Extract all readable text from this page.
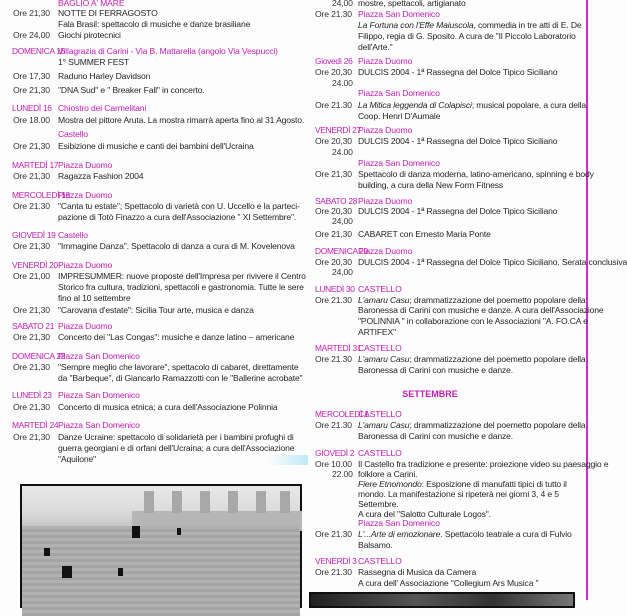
BAGLIO A' MARE
Ore 21,30 NOTTE DI FERRAGOSTO
Fala Brasil: spettacolo di musiche e danze brasiliane
Ore 24,00 Giochi pirotecnici
DOMENICA 15
Villagrazia di Carini - Via B. Mattarella (angolo Via Vespucci)
1° SUMMER FEST
Ore 17,30 Raduno Harley Davidson
Ore 21,30 "DNA Sud" e " Breaker Fall" in concerto.
LUNEDÌ 16 Chiostro dei Carmelitani
Ore 18.00 Mostra del pittore Aruta. La mostra rimarrà aperta fino al 31 Agosto.
Castello
Ore 21,30 Esibizione di musiche e canti dei bambini dell'Ucraina
MARTEDÌ 17 Piazza Duomo
Ore 21,30 Ragazza Fashion 2004
MERCOLEDÌ 18
Piazza Duomo
Ore 21.30 "Canta tu estate"; Spettacolo di varietà con U. Uccello e la parteci-
pazione di Totò Finazzo a cura dell'Associazione " XI Settembre".
GIOVEDÌ 19 Castello
Ore 21,30 "Immagine Danza". Spettacolo di danza a cura di M. Kovelenova
VENERDÌ 20 Piazza Duomo
Ore 21,00 IMPRESUMMER: nuove proposte dell'Impresa per rivivere il Centro
Storico fra cultura, tradizioni, spettacoli e gastronomia. Tutte le sere
fino al 10 settembre
Ore 21,30 "Carovana d'estate": Sicilia Tour arte, musica e danza
SABATO 21 Piazza Duomo
Ore 21,30 Concerto dei "Las Congas": musiche e danze latino – americane
DOMENICA 22
Piazza San Domenico
Ore 21,30 "Sempre meglio che lavorare", spettacolo di cabaret, direttamente
da "Barbeque", di Giancarlo Ramazzotti con le "Ballerine acrobate"
LUNEDÌ 23 Piazza San Domenico
Ore 21,30 Concerto di musica etnica; a cura dell'Associazione Polinnia
MARTEDÌ 24 Piazza San Domenico
Ore 21,30 Danze Ucraine: spettacolo di solidarietà per i bambini profughi di
guerra georgiani e di orfani dell'Ucraina; a cura dell'Associazione
"Aquilone"
24,00 mostre, spettacoli, artigianato
Ore 21.30 Piazza San Domenico
La Fortuna con l'Effe Maiuscola, commedia in tre atti di E. De
Filippo, regia di G. Sposito. A cura de "Il Piccolo Laboratorio
dell'Arte."
Giovedì 26 Piazza Duomo
Ore 20,30 DULCIS 2004 - 1ª Rassegna del Dolce Tipico Siciliano
24.00
Piazza San Domenico
Ore 21.30 La Mitica leggenda di Colapisci; musical popolare, a cura della
Coop. Henri D'Aumale
VENERDÌ 27
Piazza Duomo
Ore 20,30 DULCIS 2004 - 1ª Rassegna del Dolce Tipico Siciliano
24.00
Piazza San Domenico
Ore 21,30 Spettacolo di danza moderna, latino-americano, spinning e body
building, a cura della New Form Fitness
SABATO 28 Piazza Duomo
Ore 20,30 DULCIS 2004 - 1ª Rassegna del Dolce Tipico Siciliano
24,00
Ore 21,30 CABARET con Ernesto Maria Ponte
DOMENICA 29
Piazza Duomo
Ore 20,30 DULCIS 2004 - 1ª Rassegna del Dolce Tipico Siciliano. Serata conclusiva
24,00
LUNEDÌ 30 CASTELLO
Ore 21.30 L'amaru Casu; drammatizzazione del poemetto popolare della
Baronessa di Carini con musiche e danze. A cura dell'Associazione
"POLINNIA " in collaborazione con le Associazioni "A. FO.CA e
ARTIFEX"
MARTEDÌ 31
CASTELLO
Ore 21.30 L'amaru Casu; drammatizzazione del poemetto popolare della
Baronessa di Carini con musiche e danze.
MERCOLEDÌ 1
CASTELLO
Ore 21.30 L'amaru Casu; drammatizzazione del poemetto popolare della
Baronessa di Carini con musiche e danze.
GIOVEDÌ 2 CASTELLO
Ore 10.00 Il Castello fra tradizione e presente: proiezione video su paesaggio e
22.00 folklore a Carini.
Fiere Etnomondo: Esposizione di manufatti tipici di tutto il
mondo. La manifestazione si ripeterà nei giorni 3, 4 e 5
Settembre.
A cura del "Salotto Culturale Logos".
Piazza San Domenico
Ore 21.30 L'...Arte di emozionare. Spettacolo teatrale a cura di Fulvio
Balsamo.
VENERDÌ 3 CASTELLO
Ore 21.30 Rassegna di Musica da Camera
A cura dell' Associazione "Collegium Ars Musica "
SETTEMBRE
